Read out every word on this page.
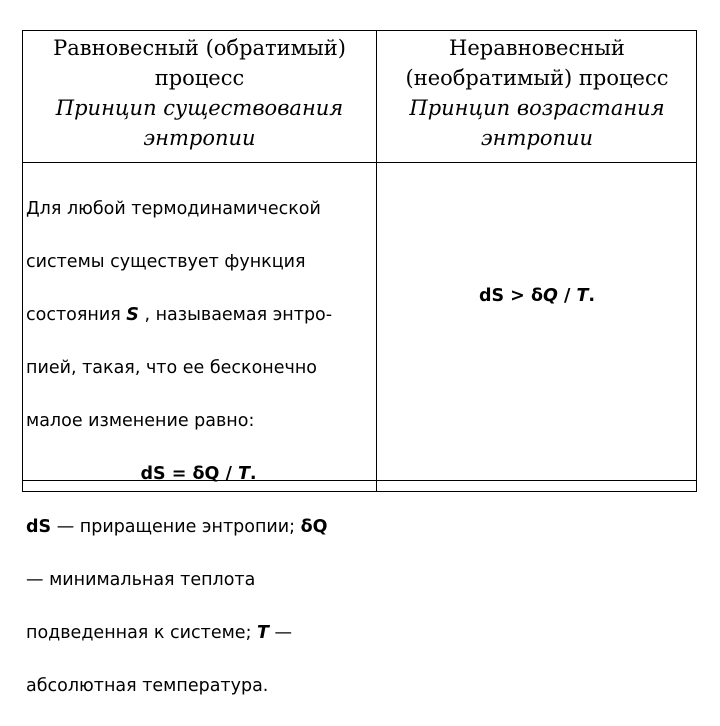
Равновесный (обратимый)
процесс
Принцип существования
энтропии
Неравновесный
(необратимый) процесс
Принцип возрастания
энтропии

Для любой термодинамической

системы существует функция

состояния S , называемая энтро-

пией, такая, что ее бесконечно

малое изменение равно:

dS = δQ / T.

dS — приращение энтропии; δQ

— минимальная теплота

подведенная к системе; T —

абсолютная температура.

dS > δQ / T.
